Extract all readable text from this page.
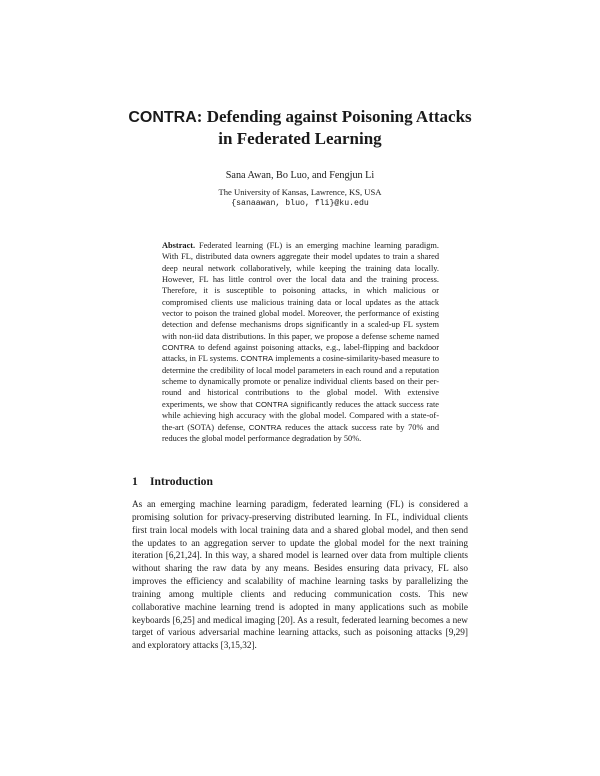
CONTRA: Defending against Poisoning Attacks
in Federated Learning
Sana Awan, Bo Luo, and Fengjun Li
The University of Kansas, Lawrence, KS, USA
{sanaawan, bluo, fli}@ku.edu

Abstract. Federated learning (FL) is an emerging machine learning paradigm. With FL, distributed data owners aggregate their model updates to train a shared deep neural network collaboratively, while keeping the training data locally. However, FL has little control over the local data and the training process. Therefore, it is susceptible to poisoning attacks, in which malicious or compromised clients use malicious training data or local updates as the attack vector to poison the trained global model. Moreover, the performance of existing detection and defense mechanisms drops significantly in a scaled-up FL system with non-iid data distributions. In this paper, we propose a defense scheme named CONTRA to defend against poisoning attacks, e.g., label-flipping and backdoor attacks, in FL systems. CONTRA implements a cosine-similarity-based measure to determine the credibility of local model parameters in each round and a reputation scheme to dynamically promote or penalize individual clients based on their per-round and historical contributions to the global model. With extensive experiments, we show that CONTRA significantly reduces the attack success rate while achieving high accuracy with the global model. Compared with a state-of-the-art (SOTA) defense, CONTRA reduces the attack success rate by 70% and reduces the global model performance degradation by 50%.

1 Introduction

As an emerging machine learning paradigm, federated learning (FL) is considered a promising solution for privacy-preserving distributed learning. In FL, individual clients first train local models with local training data and a shared global model, and then send the updates to an aggregation server to update the global model for the next training iteration [6,21,24]. In this way, a shared model is learned over data from multiple clients without sharing the raw data by any means. Besides ensuring data privacy, FL also improves the efficiency and scalability of machine learning tasks by parallelizing the training among multiple clients and reducing communication costs. This new collaborative machine learning trend is adopted in many applications such as mobile keyboards [6,25] and medical imaging [20]. As a result, federated learning becomes a new target of various adversarial machine learning attacks, such as poisoning attacks [9,29] and exploratory attacks [3,15,32].
